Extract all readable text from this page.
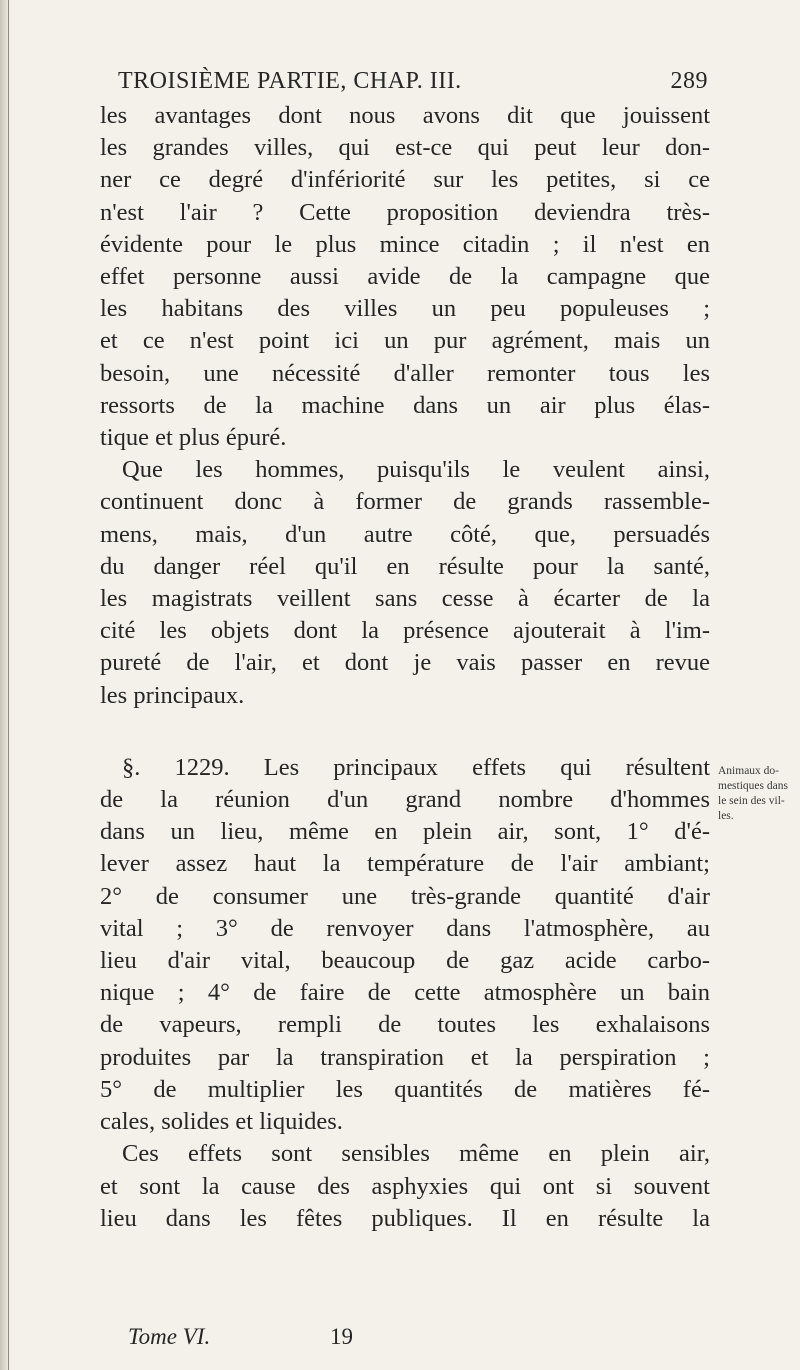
TROISIÈME PARTIE, CHAP. III.	289
les avantages dont nous avons dit que jouissent
les grandes villes, qui est-ce qui peut leur don-
ner ce degré d'infériorité sur les petites, si ce
n'est l'air ? Cette proposition deviendra très-
évidente pour le plus mince citadin ; il n'est en
effet personne aussi avide de la campagne que
les habitans des villes un peu populeuses ;
et ce n'est point ici un pur agrément, mais un
besoin, une nécessité d'aller remonter tous les
ressorts de la machine dans un air plus élas-
tique et plus épuré.
Que les hommes, puisqu'ils le veulent ainsi,
continuent donc à former de grands rassemble-
mens, mais, d'un autre côté, que, persuadés
du danger réel qu'il en résulte pour la santé,
les magistrats veillent sans cesse à écarter de la
cité les objets dont la présence ajouterait à l'im-
pureté de l'air, et dont je vais passer en revue
les principaux.
§. 1229. Les principaux effets qui résultent
de la réunion d'un grand nombre d'hommes
dans un lieu, même en plein air, sont, 1° d'é-
lever assez haut la température de l'air ambiant;
2° de consumer une très-grande quantité d'air
vital ; 3° de renvoyer dans l'atmosphère, au
lieu d'air vital, beaucoup de gaz acide carbo-
nique ; 4° de faire de cette atmosphère un bain
de vapeurs, rempli de toutes les exhalaisons
produites par la transpiration et la perspiration ;
5° de multiplier les quantités de matières fé-
cales, solides et liquides.
Ces effets sont sensibles même en plein air,
et sont la cause des asphyxies qui ont si souvent
lieu dans les fêtes publiques. Il en résulte la
Animaux do-
mestiques dans
le sein des vil-
les.
Tome VI.	19
